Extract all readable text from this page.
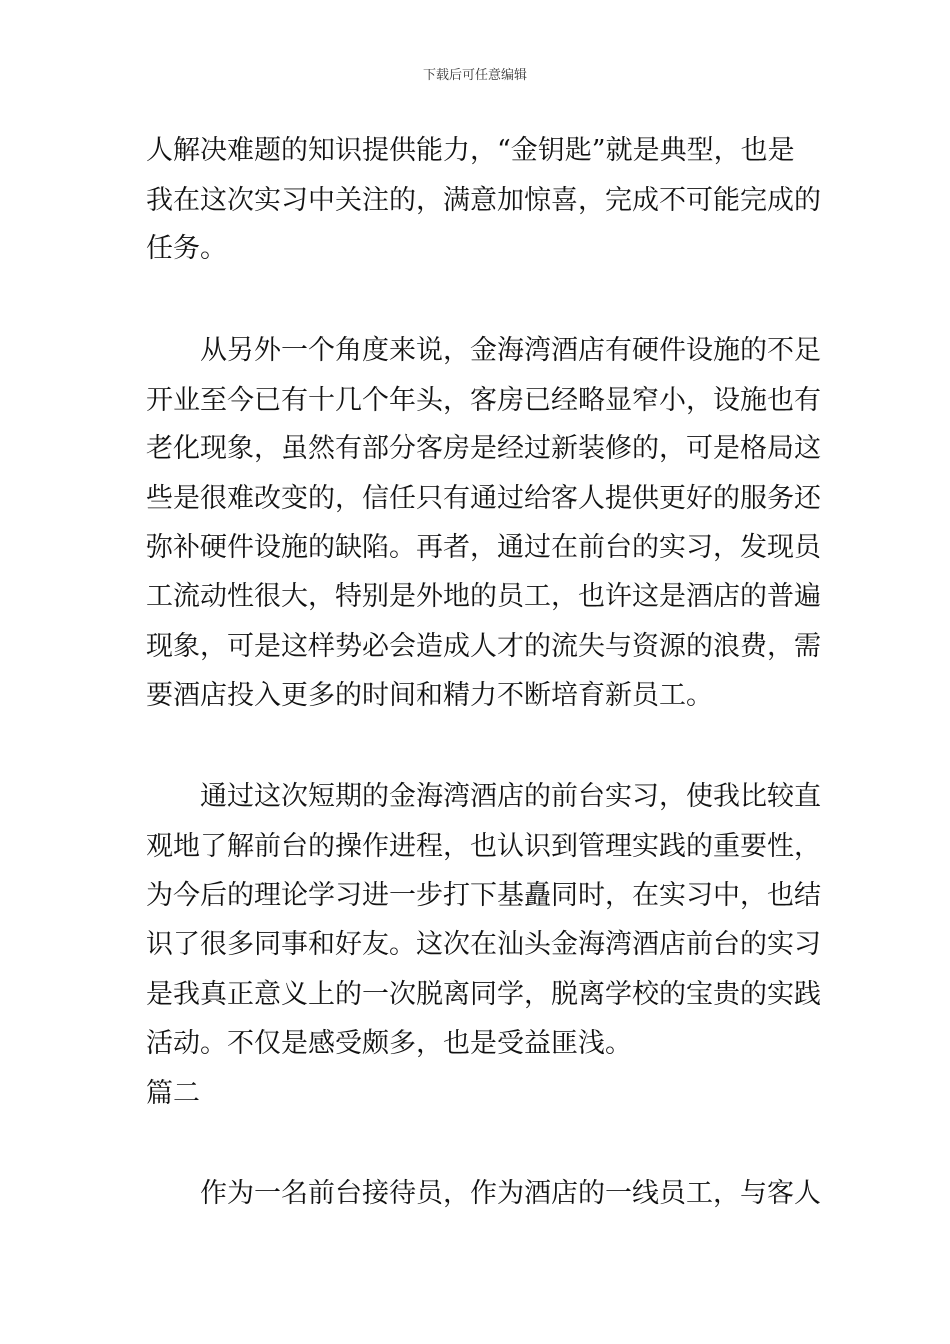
下载后可任意编辑
人解决难题的知识提供能力，“金钥匙”就是典型，也是
我在这次实习中关注的，满意加惊喜，完成不可能完成的
任务。
从另外一个角度来说，金海湾酒店有硬件设施的不足
开业至今已有十几个年头，客房已经略显窄小，设施也有
老化现象，虽然有部分客房是经过新装修的，可是格局这
些是很难改变的，信任只有通过给客人提供更好的服务还
弥补硬件设施的缺陷。再者，通过在前台的实习，发现员
工流动性很大，特别是外地的员工，也许这是酒店的普遍
现象，可是这样势必会造成人才的流失与资源的浪费，需
要酒店投入更多的时间和精力不断培育新员工。
通过这次短期的金海湾酒店的前台实习，使我比较直
观地了解前台的操作进程，也认识到管理实践的重要性，
为今后的理论学习进一步打下基矗同时，在实习中，也结
识了很多同事和好友。这次在汕头金海湾酒店前台的实习
是我真正意义上的一次脱离同学，脱离学校的宝贵的实践
活动。不仅是感受颇多，也是受益匪浅。
篇二
作为一名前台接待员，作为酒店的一线员工，与客人
